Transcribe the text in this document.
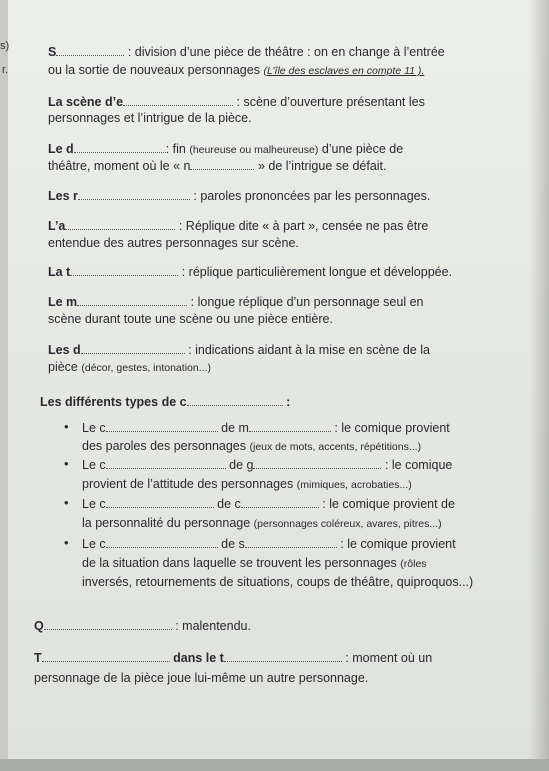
s)
r.
S	: division d’une pièce de théâtre : on en change à l’entrée
ou la sortie de nouveaux personnages (L’île des esclaves en compte 11 ).
La scène d’e	: scène d’ouverture présentant les
personnages et l’intrigue de la pièce.
Le d	: fin (heureuse ou malheureuse) d’une pièce de
théâtre, moment où le « n	» de l’intrigue se défait.
Les r	: paroles prononcées par les personnages.
L’a	: Réplique dite « à part », censée ne pas être
entendue des autres personnages sur scène.
La t	: réplique particulièrement longue et développée.
Le m	: longue réplique d’un personnage seul en
scène durant toute une scène ou une pièce entière.
Les d	: indications aidant à la mise en scène de la
pièce (décor, gestes, intonation...)
Les différents types de c	:
• Le c	de m	: le comique provient
des paroles des personnages (jeux de mots, accents, répétitions...)
• Le c	de g	: le comique
provient de l’attitude des personnages (mimiques, acrobaties...)
• Le c	de c	: le comique provient de
la personnalité du personnage (personnages coléreux, avares, pitres...)
• Le c	de s	: le comique provient
de la situation dans laquelle se trouvent les personnages (rôles
inversés, retournements de situations, coups de théâtre, quiproquos...)
Q	: malentendu.
T	dans le t	: moment où un
personnage de la pièce joue lui-même un autre personnage.
